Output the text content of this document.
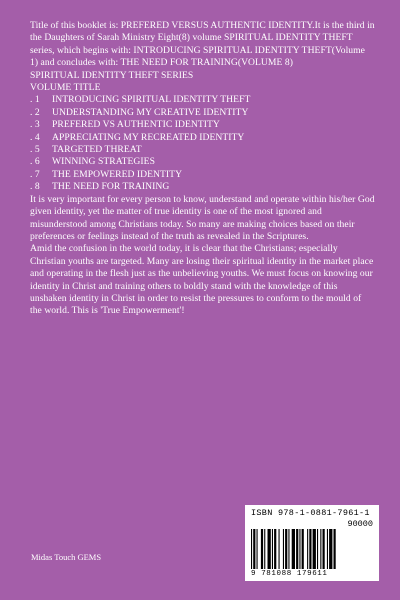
Title of this booklet is: PREFERED VERSUS AUTHENTIC IDENTITY.It is the third in the Daughters of Sarah Ministry Eight(8) volume SPIRITUAL IDENTITY THEFT series, which begins with: INTRODUCING SPIRITUAL IDENTITY THEFT(Volume 1) and concludes with: THE NEED FOR TRAINING(VOLUME 8)

SPIRITUAL IDENTITY THEFT SERIES

VOLUME TITLE

. 1	INTRODUCING SPIRITUAL IDENTITY THEFT
. 2	UNDERSTANDING MY CREATIVE IDENTITY
. 3	PREFERED VS AUTHENTIC IDENTITY
. 4	APPRECIATING MY RECREATED IDENTITY
. 5	TARGETED THREAT
. 6	WINNING STRATEGIES
. 7	THE EMPOWERED IDENTITY
. 8	THE NEED FOR TRAINING

It is very important for every person to know, understand and operate within his/her God given identity, yet the matter of true identity is one of the most ignored and misunderstood among Christians today. So many are making choices based on their preferences or feelings instead of the truth as revealed in the Scriptures.

Amid the confusion in the world today, it is clear that the Christians; especially Christian youths are targeted. Many are losing their spiritual identity in the market place and operating in the flesh just as the unbelieving youths. We must focus on knowing our identity in Christ and training others to boldly stand with the knowledge of this unshaken identity in Christ in order to resist the pressures to conform to the mould of the world. This is 'True Empowerment'!

ISBN 978-1-0881-7961-1
90000
9 781088 179611
Midas Touch GEMS
